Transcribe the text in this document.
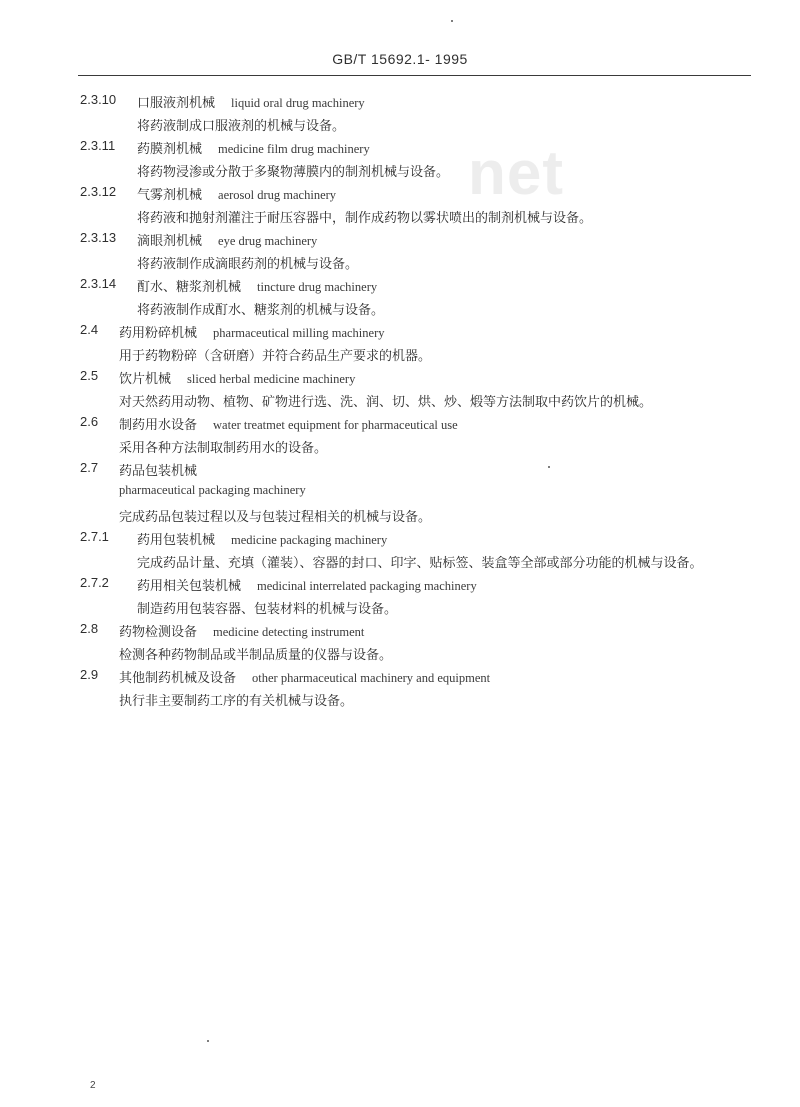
GB/T 15692.1- 1995
net
2.3.10 口服液剂机械 liquid oral drug machinery
将药液制成口服液剂的机械与设备。
2.3.11 药膜剂机械 medicine film drug machinery
将药物浸渗或分散于多聚物薄膜内的制剂机械与设备。
2.3.12 气雾剂机械 aerosol drug machinery
将药液和抛射剂灌注于耐压容器中，制作成药物以雾状喷出的制剂机械与设备。
2.3.13 滴眼剂机械 eye drug machinery
将药液制作成滴眼药剂的机械与设备。
2.3.14 酊水、糖浆剂机械 tincture drug machinery
将药液制作成酊水、糖浆剂的机械与设备。
2.4 药用粉碎机械 pharmaceutical milling machinery
用于药物粉碎（含研磨）并符合药品生产要求的机器。
2.5 饮片机械 sliced herbal medicine machinery
对天然药用动物、植物、矿物进行选、洗、润、切、烘、炒、煅等方法制取中药饮片的机械。
2.6 制药用水设备 water treatmet equipment for pharmaceutical use
采用各种方法制取制药用水的设备。
2.7 药品包装机械
pharmaceutical packaging machinery
完成药品包装过程以及与包装过程相关的机械与设备。
2.7.1 药用包装机械 medicine packaging machinery
完成药品计量、充填（灌装）、容器的封口、印字、贴标签、装盒等全部或部分功能的机械与设备。
2.7.2 药用相关包装机械 medicinal interrelated packaging machinery
制造药用包装容器、包装材料的机械与设备。
2.8 药物检测设备 medicine detecting instrument
检测各种药物制品或半制品质量的仪器与设备。
2.9 其他制药机械及设备 other pharmaceutical machinery and equipment
执行非主要制药工序的有关机械与设备。
2
